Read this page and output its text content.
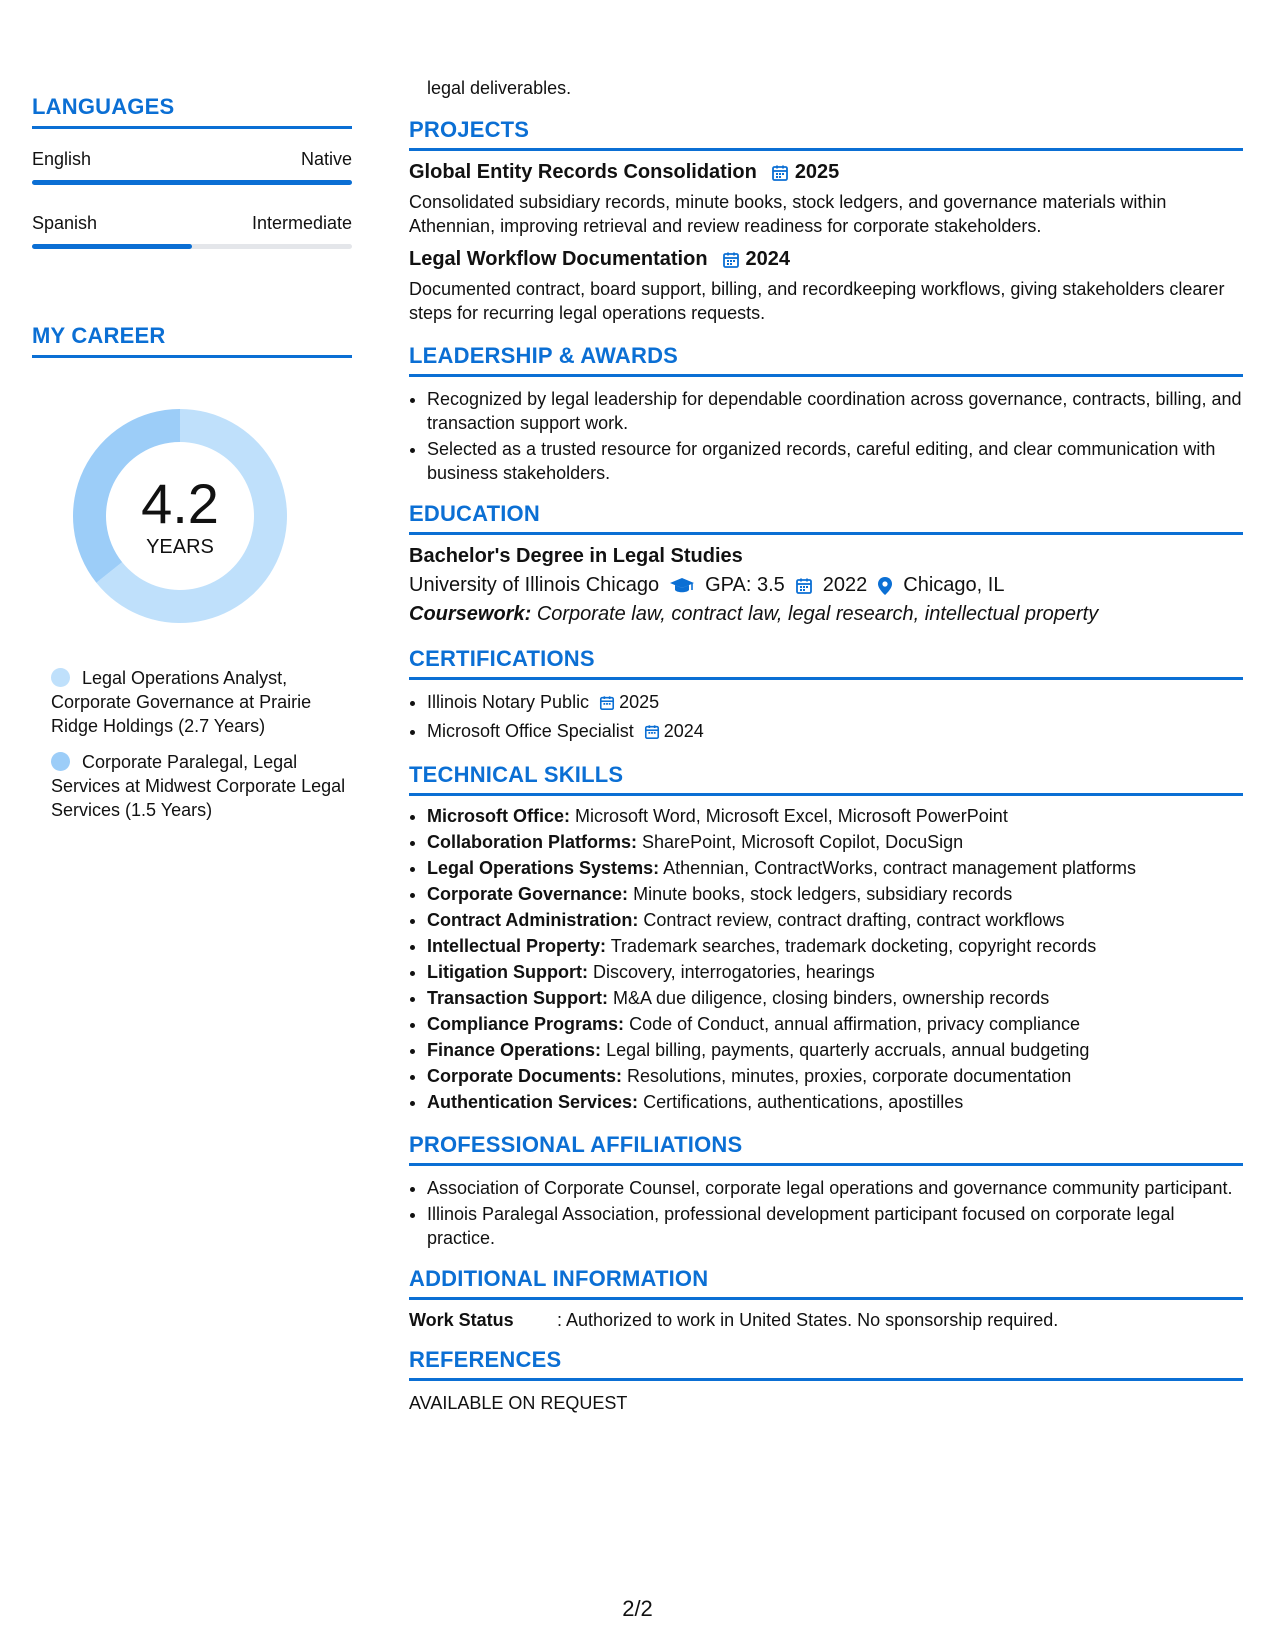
LANGUAGES
English	Native
Spanish	Intermediate
MY CAREER
4.2
YEARS
Legal Operations Analyst, Corporate Governance at Prairie Ridge Holdings (2.7 Years)
Corporate Paralegal, Legal Services at Midwest Corporate Legal Services (1.5 Years)
legal deliverables.
PROJECTS
Global Entity Records Consolidation 2025
Consolidated subsidiary records, minute books, stock ledgers, and governance materials within Athennian, improving retrieval and review readiness for corporate stakeholders.
Legal Workflow Documentation 2024
Documented contract, board support, billing, and recordkeeping workflows, giving stakeholders clearer steps for recurring legal operations requests.
LEADERSHIP & AWARDS
• Recognized by legal leadership for dependable coordination across governance, contracts, billing, and transaction support work.
• Selected as a trusted resource for organized records, careful editing, and clear communication with business stakeholders.
EDUCATION
Bachelor's Degree in Legal Studies
University of Illinois Chicago GPA: 3.5 2022 Chicago, IL
Coursework: Corporate law, contract law, legal research, intellectual property
CERTIFICATIONS
• Illinois Notary Public 2025
• Microsoft Office Specialist 2024
TECHNICAL SKILLS
• Microsoft Office: Microsoft Word, Microsoft Excel, Microsoft PowerPoint
• Collaboration Platforms: SharePoint, Microsoft Copilot, DocuSign
• Legal Operations Systems: Athennian, ContractWorks, contract management platforms
• Corporate Governance: Minute books, stock ledgers, subsidiary records
• Contract Administration: Contract review, contract drafting, contract workflows
• Intellectual Property: Trademark searches, trademark docketing, copyright records
• Litigation Support: Discovery, interrogatories, hearings
• Transaction Support: M&A due diligence, closing binders, ownership records
• Compliance Programs: Code of Conduct, annual affirmation, privacy compliance
• Finance Operations: Legal billing, payments, quarterly accruals, annual budgeting
• Corporate Documents: Resolutions, minutes, proxies, corporate documentation
• Authentication Services: Certifications, authentications, apostilles
PROFESSIONAL AFFILIATIONS
• Association of Corporate Counsel, corporate legal operations and governance community participant.
• Illinois Paralegal Association, professional development participant focused on corporate legal practice.
ADDITIONAL INFORMATION
Work Status	: Authorized to work in United States. No sponsorship required.
REFERENCES
AVAILABLE ON REQUEST
2/2
